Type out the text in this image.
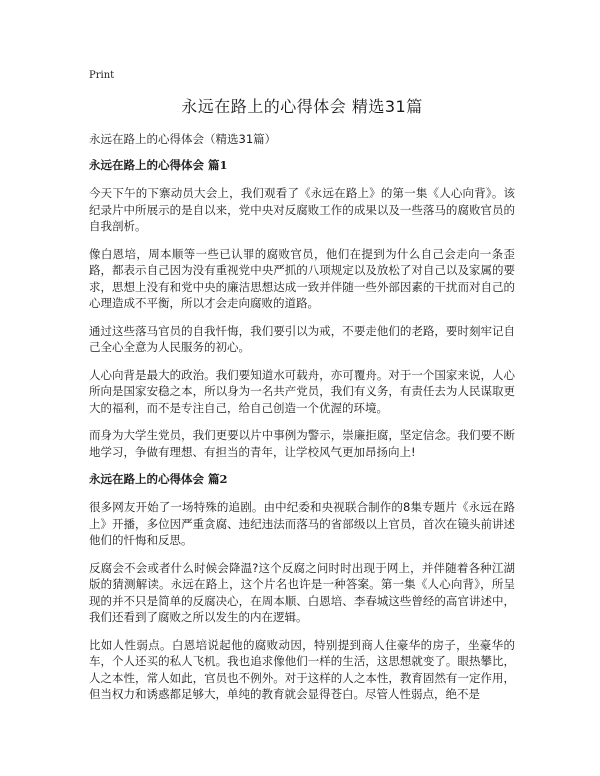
Print
永远在路上的心得体会 精选31篇

永远在路上的心得体会（精选31篇）

永远在路上的心得体会 篇1

今天下午的下寨动员大会上，我们观看了《永远在路上》的第一集《人心向背》。该纪录片中所展示的是自以来，党中央对反腐败工作的成果以及一些落马的腐败官员的自我剖析。

像白恩培，周本顺等一些已认罪的腐败官员，他们在提到为什么自己会走向一条歪路，都表示自己因为没有重视党中央严抓的八项规定以及放松了对自己以及家属的要求，思想上没有和党中央的廉洁思想达成一致并伴随一些外部因素的干扰而对自己的心理造成不平衡，所以才会走向腐败的道路。

通过这些落马官员的自我忏悔，我们要引以为戒，不要走他们的老路，要时刻牢记自己全心全意为人民服务的初心。

人心向背是最大的政治。我们要知道水可载舟，亦可覆舟。对于一个国家来说，人心所向是国家安稳之本，所以身为一名共产党员，我们有义务，有责任去为人民谋取更大的福利，而不是专注自己，给自己创造一个优渥的环境。

而身为大学生党员，我们更要以片中事例为警示，崇廉拒腐，坚定信念。我们要不断地学习，争做有理想、有担当的青年，让学校风气更加昂扬向上!

永远在路上的心得体会 篇2

很多网友开始了一场特殊的追剧。由中纪委和央视联合制作的8集专题片《永远在路上》开播，多位因严重贪腐、违纪违法而落马的省部级以上官员，首次在镜头前讲述他们的忏悔和反思。

反腐会不会或者什么时候会降温?这个反腐之问时时出现于网上，并伴随着各种江湖版的猜测解读。永远在路上，这个片名也许是一种答案。第一集《人心向背》，所呈现的并不只是简单的反腐决心，在周本顺、白恩培、李春城这些曾经的高官讲述中，我们还看到了腐败之所以发生的内在逻辑。

比如人性弱点。白恩培说起他的腐败动因，特别提到商人住豪华的房子，坐豪华的车，个人还买的私人飞机。我也追求像他们一样的生活，这思想就变了。眼热攀比，人之本性，常人如此，官员也不例外。对于这样的人之本性，教育固然有一定作用，但当权力和诱惑都足够大，单纯的教育就会显得苍白。尽管人性弱点，绝不是
